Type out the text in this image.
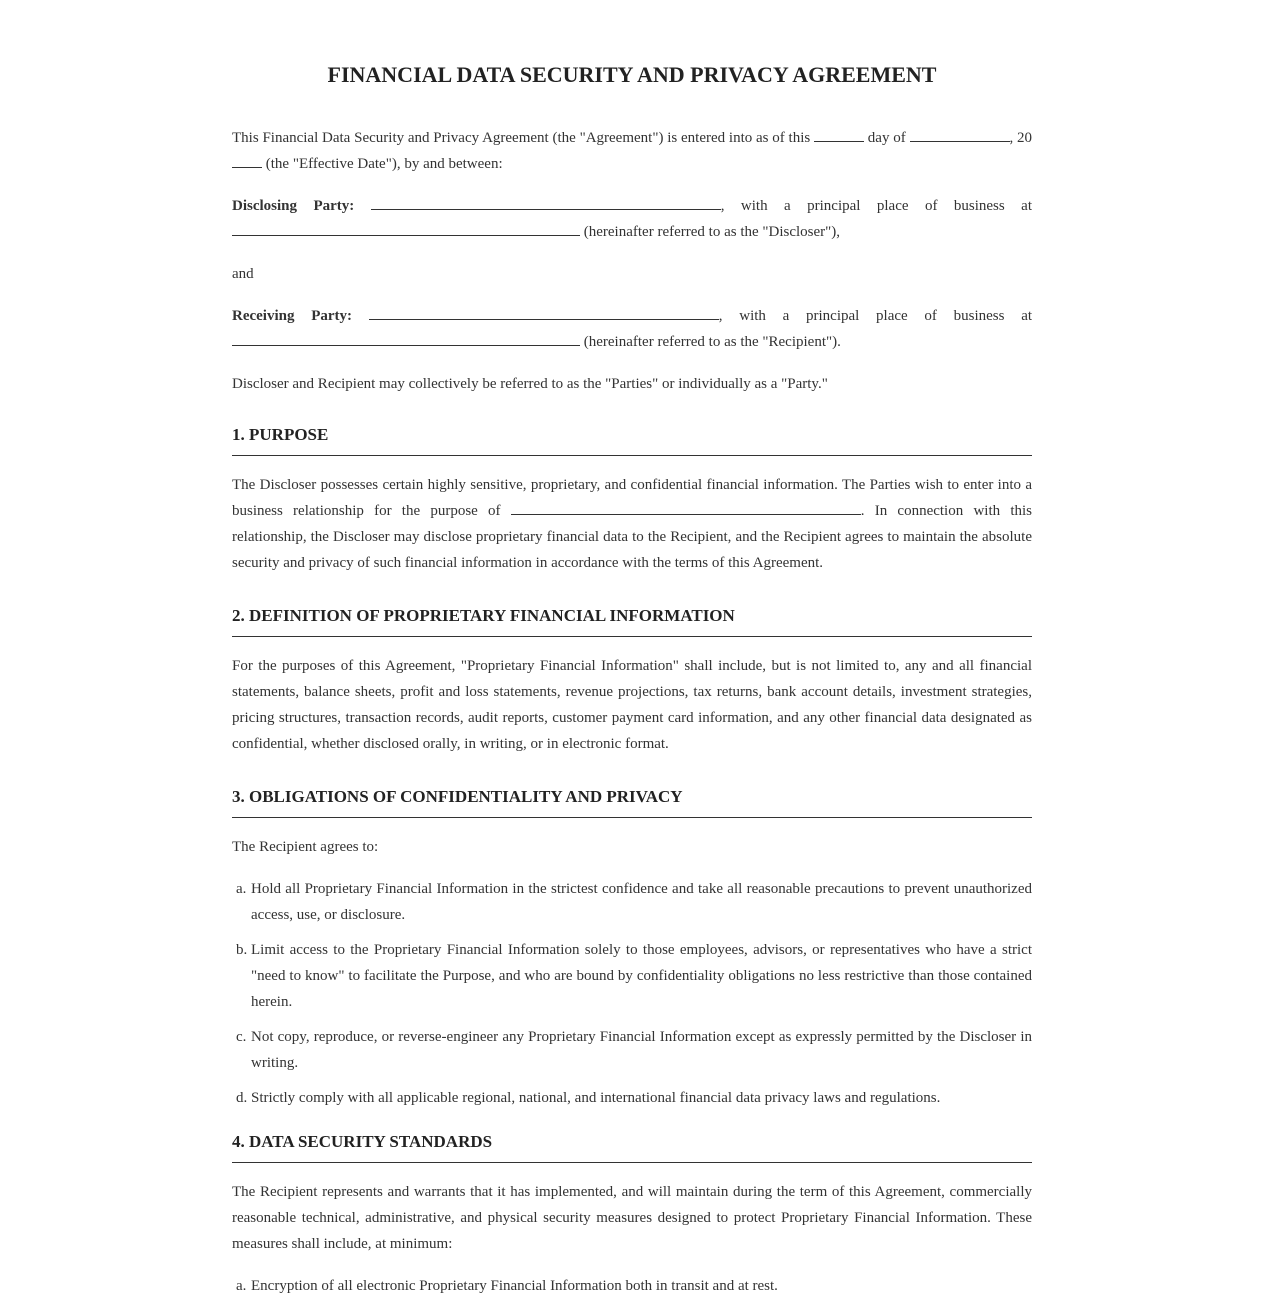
FINANCIAL DATA SECURITY AND PRIVACY AGREEMENT

This Financial Data Security and Privacy Agreement (the "Agreement") is entered into as of this	day of	, 20 (the "Effective Date"), by and between:

Disclosing Party:	, with a principal place of business at  (hereinafter referred to as the "Discloser"),

and

Receiving Party:	, with a principal place of business at  (hereinafter referred to as the "Recipient").

Discloser and Recipient may collectively be referred to as the "Parties" or individually as a "Party."

1. PURPOSE

The Discloser possesses certain highly sensitive, proprietary, and confidential financial information. The Parties wish to enter into a business relationship for the purpose of	. In connection with this relationship, the Discloser may disclose proprietary financial data to the Recipient, and the Recipient agrees to maintain the absolute security and privacy of such financial information in accordance with the terms of this Agreement.

2. DEFINITION OF PROPRIETARY FINANCIAL INFORMATION

For the purposes of this Agreement, "Proprietary Financial Information" shall include, but is not limited to, any and all financial statements, balance sheets, profit and loss statements, revenue projections, tax returns, bank account details, investment strategies, pricing structures, transaction records, audit reports, customer payment card information, and any other financial data designated as confidential, whether disclosed orally, in writing, or in electronic format.

3. OBLIGATIONS OF CONFIDENTIALITY AND PRIVACY

The Recipient agrees to:

a. Hold all Proprietary Financial Information in the strictest confidence and take all reasonable precautions to prevent unauthorized access, use, or disclosure.
b. Limit access to the Proprietary Financial Information solely to those employees, advisors, or representatives who have a strict "need to know" to facilitate the Purpose, and who are bound by confidentiality obligations no less restrictive than those contained herein.
c. Not copy, reproduce, or reverse-engineer any Proprietary Financial Information except as expressly permitted by the Discloser in writing.
d. Strictly comply with all applicable regional, national, and international financial data privacy laws and regulations.
4. DATA SECURITY STANDARDS

The Recipient represents and warrants that it has implemented, and will maintain during the term of this Agreement, commercially reasonable technical, administrative, and physical security measures designed to protect Proprietary Financial Information. These measures shall include, at minimum:

a. Encryption of all electronic Proprietary Financial Information both in transit and at rest.
